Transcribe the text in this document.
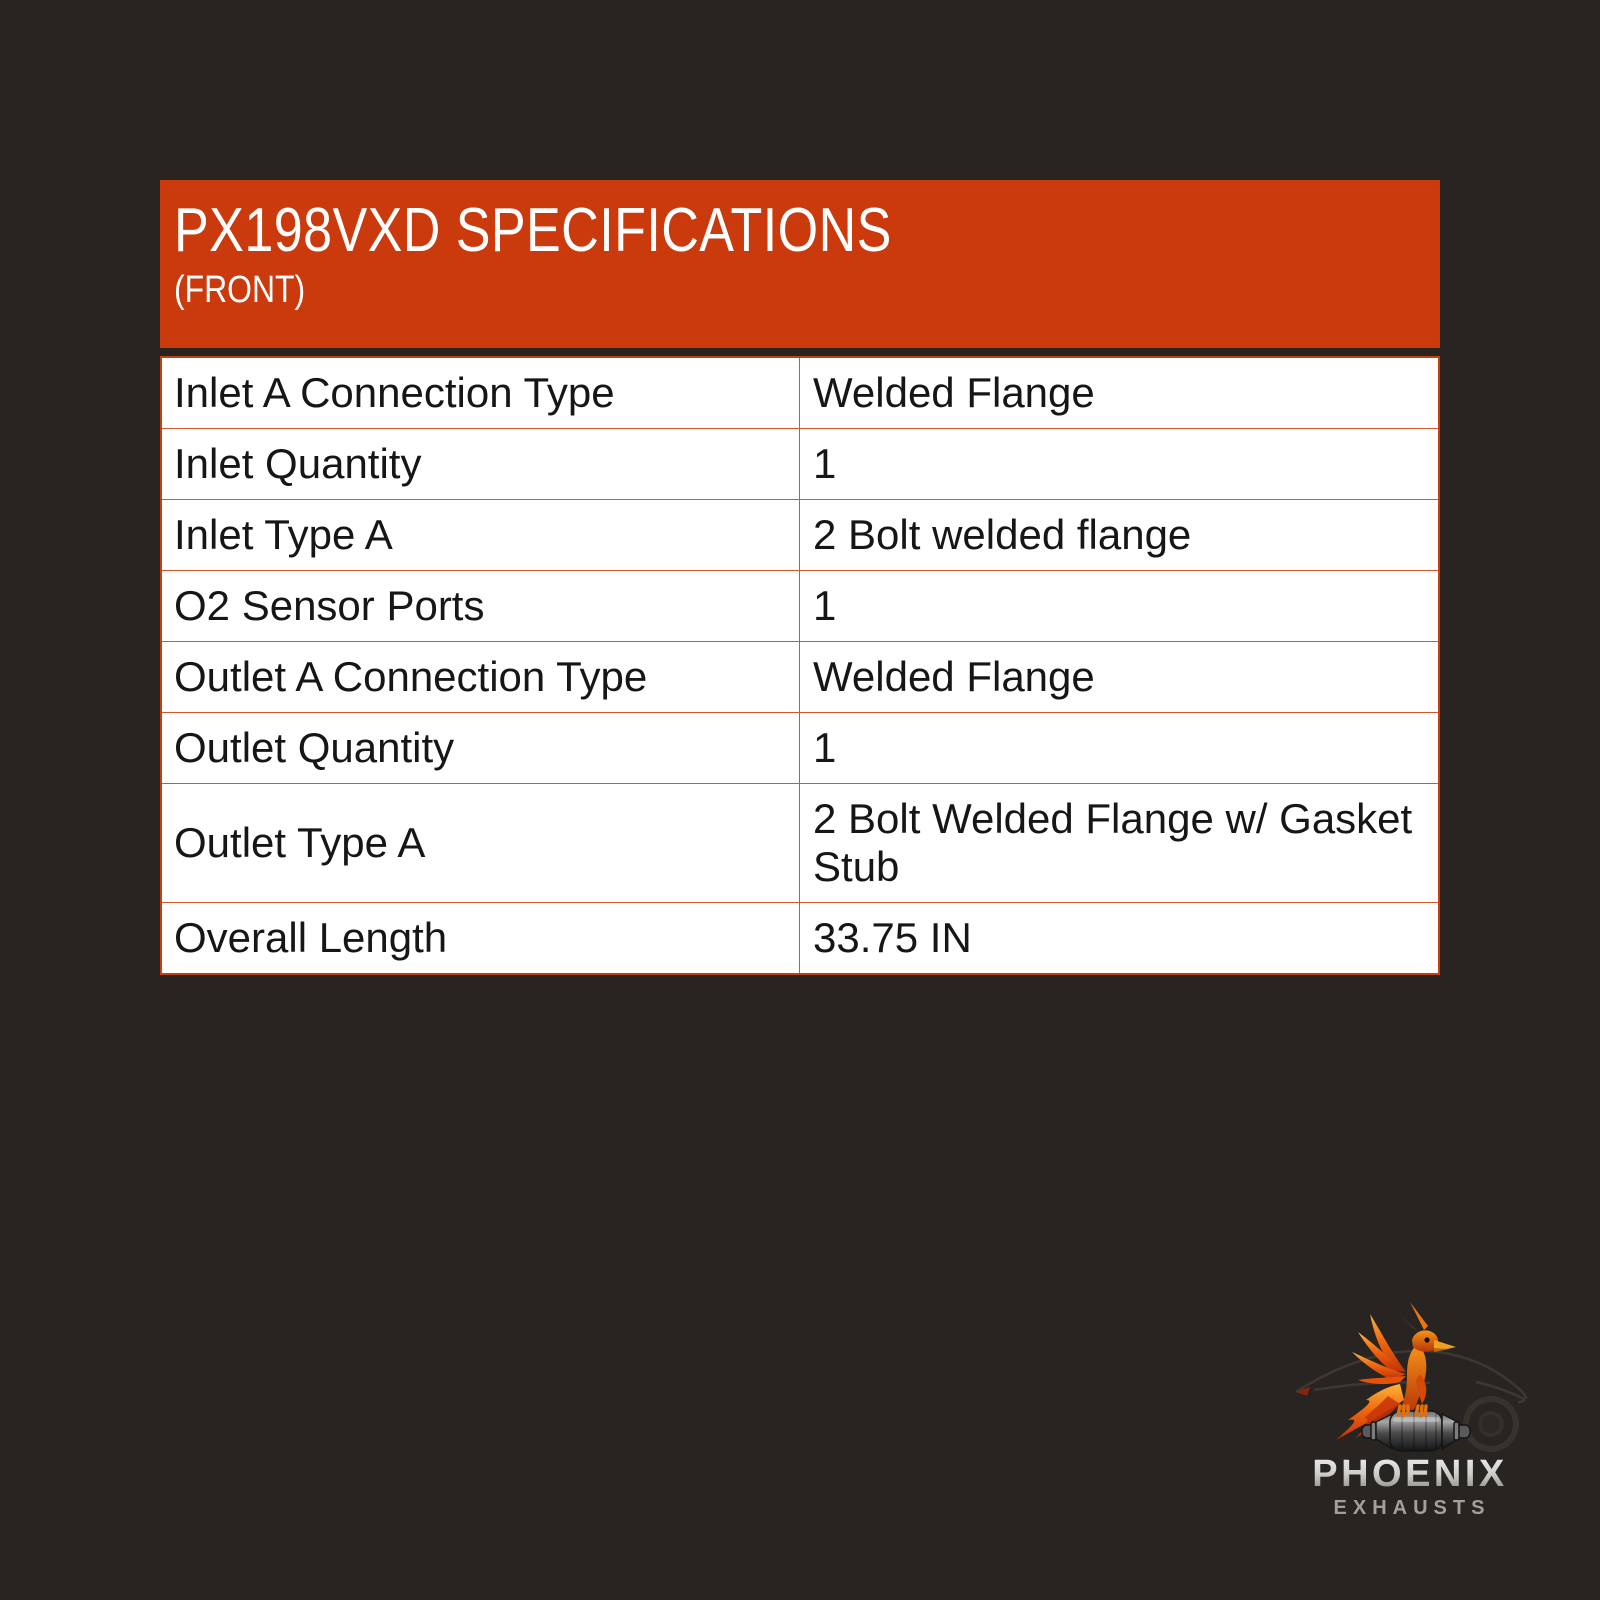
PX198VXD SPECIFICATIONS
(FRONT)
Inlet A Connection Type	Welded Flange
Inlet Quantity	1
Inlet Type A	2 Bolt welded flange
O2 Sensor Ports	1
Outlet A Connection Type	Welded Flange
Outlet Quantity	1
Outlet Type A	2 Bolt Welded Flange w/ Gasket Stub
Overall Length	33.75 IN
PHOENIX
EXHAUSTS
